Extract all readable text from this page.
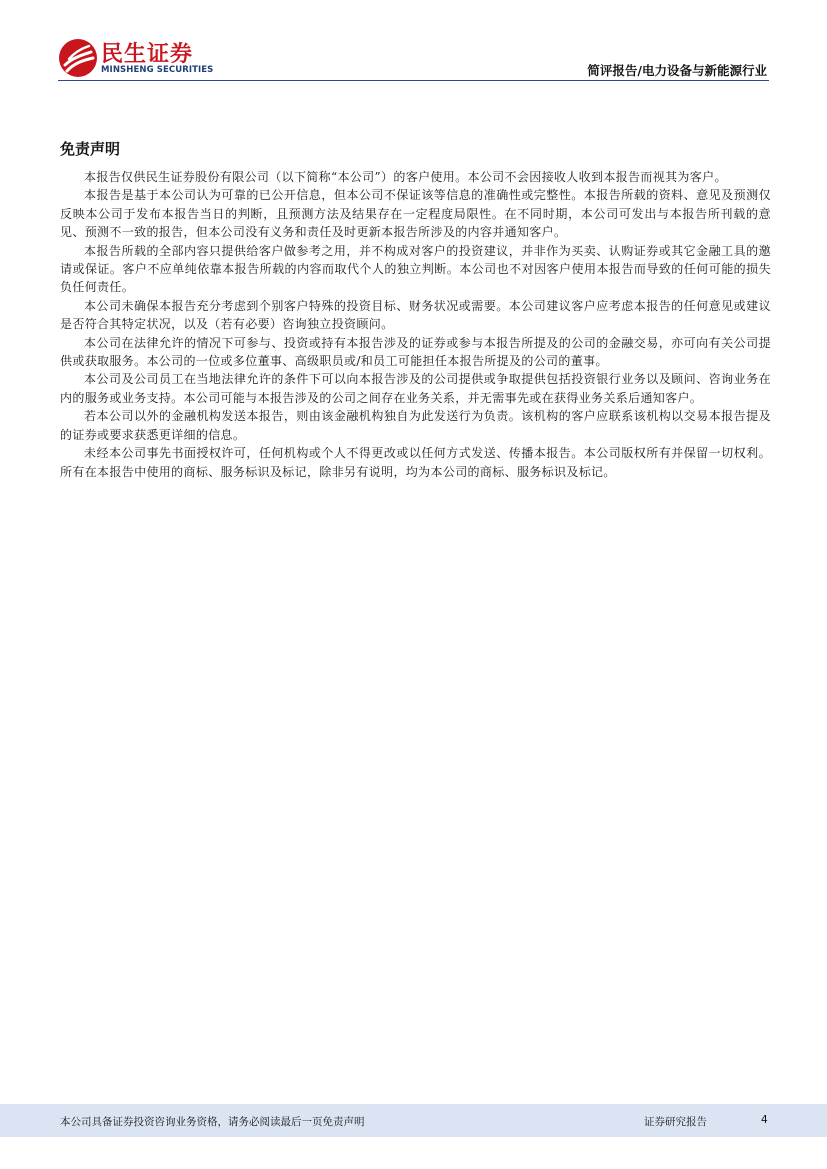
民生证券
MINSHENG SECURITIES	简评报告/电力设备与新能源行业
免责声明

本报告仅供民生证券股份有限公司（以下简称“本公司”）的客户使用。本公司不会因接收人收到本报告而视其为客户。

本报告是基于本公司认为可靠的已公开信息，但本公司不保证该等信息的准确性或完整性。本报告所载的资料、意见及预测仅反映本公司于发布本报告当日的判断，且预测方法及结果存在一定程度局限性。在不同时期，本公司可发出与本报告所刊载的意见、预测不一致的报告，但本公司没有义务和责任及时更新本报告所涉及的内容并通知客户。

本报告所载的全部内容只提供给客户做参考之用，并不构成对客户的投资建议，并非作为买卖、认购证券或其它金融工具的邀请或保证。客户不应单纯依靠本报告所载的内容而取代个人的独立判断。本公司也不对因客户使用本报告而导致的任何可能的损失负任何责任。

本公司未确保本报告充分考虑到个别客户特殊的投资目标、财务状况或需要。本公司建议客户应考虑本报告的任何意见或建议是否符合其特定状况，以及（若有必要）咨询独立投资顾问。

本公司在法律允许的情况下可参与、投资或持有本报告涉及的证券或参与本报告所提及的公司的金融交易，亦可向有关公司提供或获取服务。本公司的一位或多位董事、高级职员或/和员工可能担任本报告所提及的公司的董事。

本公司及公司员工在当地法律允许的条件下可以向本报告涉及的公司提供或争取提供包括投资银行业务以及顾问、咨询业务在内的服务或业务支持。本公司可能与本报告涉及的公司之间存在业务关系，并无需事先或在获得业务关系后通知客户。

若本公司以外的金融机构发送本报告，则由该金融机构独自为此发送行为负责。该机构的客户应联系该机构以交易本报告提及的证券或要求获悉更详细的信息。

未经本公司事先书面授权许可，任何机构或个人不得更改或以任何方式发送、传播本报告。本公司版权所有并保留一切权利。所有在本报告中使用的商标、服务标识及标记，除非另有说明，均为本公司的商标、服务标识及标记。

本公司具备证券投资咨询业务资格，请务必阅读最后一页免责声明	证券研究报告	4
